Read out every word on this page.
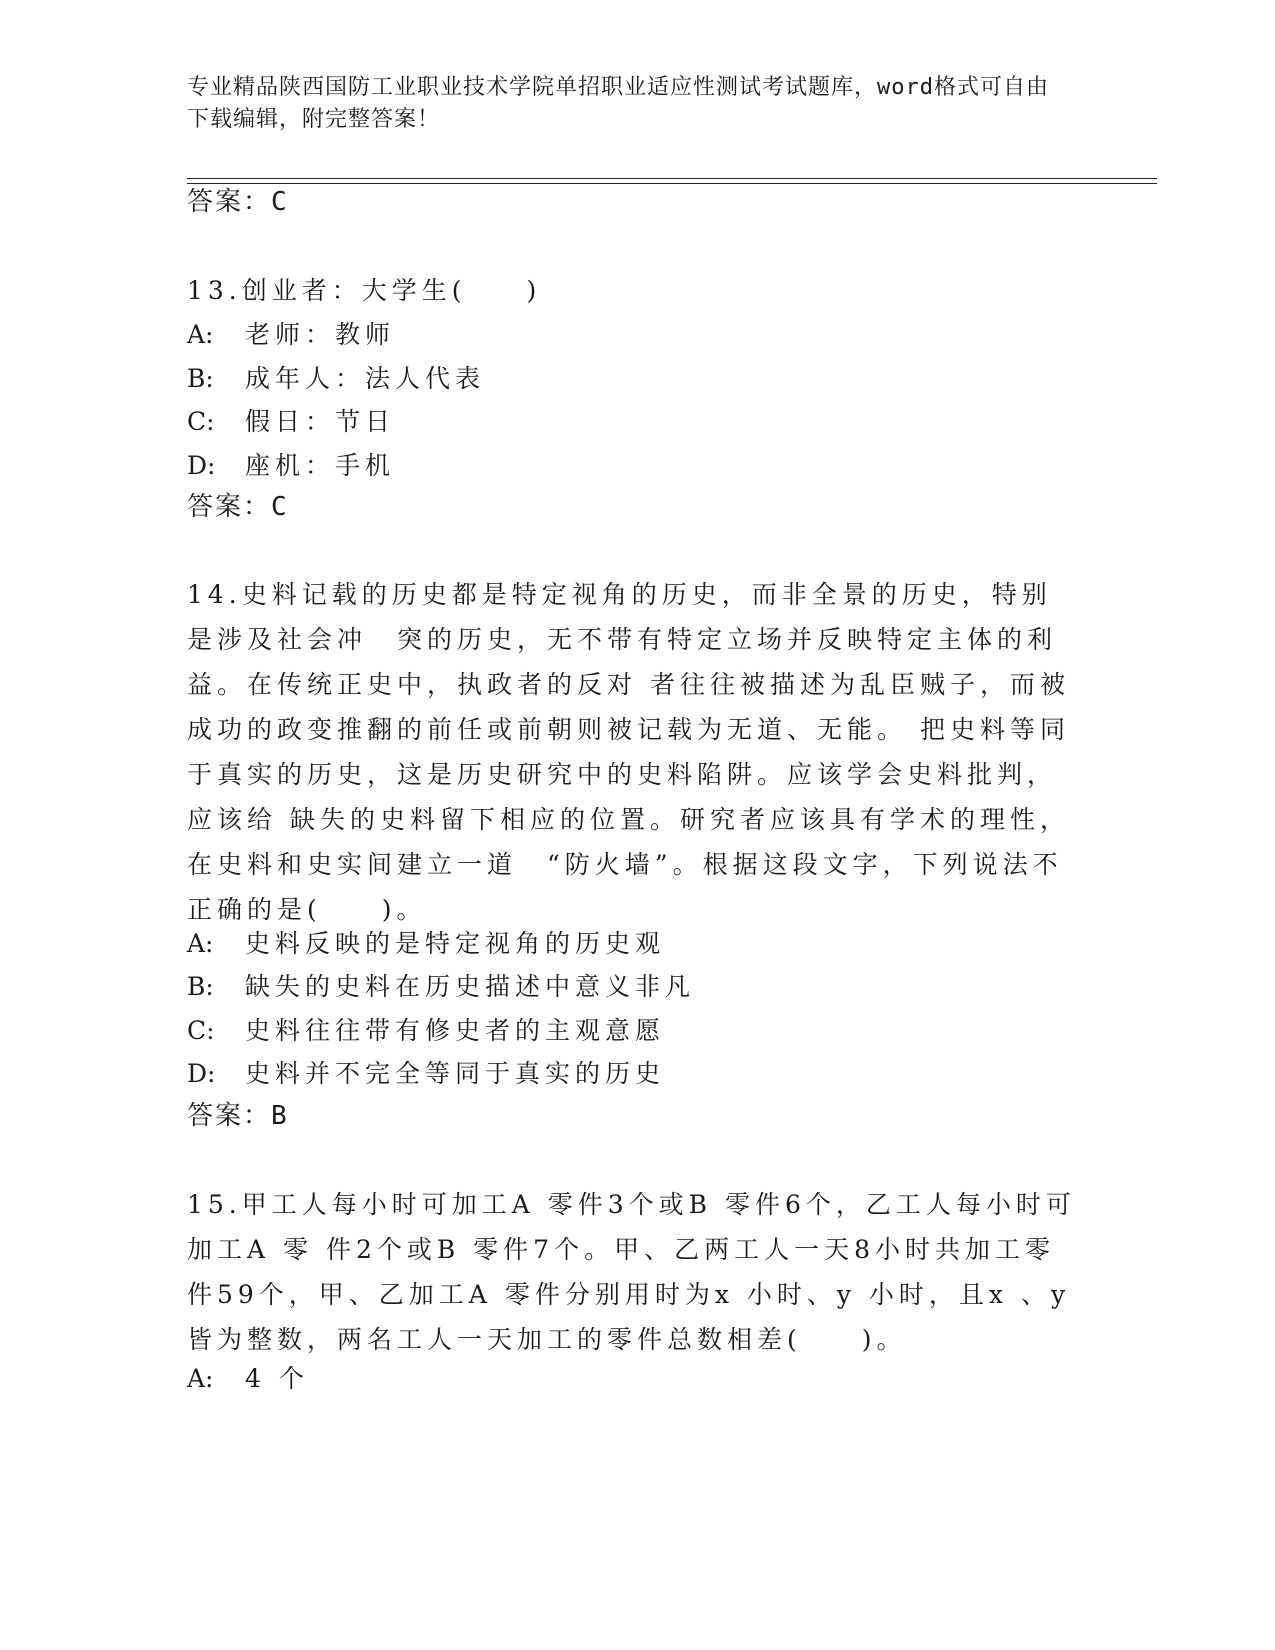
专业精品陕西国防工业职业技术学院单招职业适应性测试考试题库，word格式可自由下载编辑，附完整答案！
答案：C
13.创业者：大学生(　　)
A: 老师：教师
B: 成年人：法人代表
C: 假日：节日
D: 座机：手机
答案：C
14.史料记载的历史都是特定视角的历史，而非全景的历史，特别是涉及社会冲　突的历史，无不带有特定立场并反映特定主体的利益。在传统正史中，执政者的反对 者往往被描述为乱臣贼子，而被成功的政变推翻的前任或前朝则被记载为无道、无能。 把史料等同于真实的历史，这是历史研究中的史料陷阱。应该学会史料批判，应该给 缺失的史料留下相应的位置。研究者应该具有学术的理性，在史料和史实间建立一道　“防火墙”。根据这段文字，下列说法不正确的是(　　)。
A: 史料反映的是特定视角的历史观
B: 缺失的史料在历史描述中意义非凡
C: 史料往往带有修史者的主观意愿
D: 史料并不完全等同于真实的历史
答案：B
15.甲工人每小时可加工A 零件3个或B 零件6个，乙工人每小时可加工A 零 件2个或B 零件7个。甲、乙两工人一天8小时共加工零件59个，甲、乙加工A 零件分别用时为x 小时、y 小时，且x 、y皆为整数，两名工人一天加工的零件总数相差(　　)。
A: 4 个
